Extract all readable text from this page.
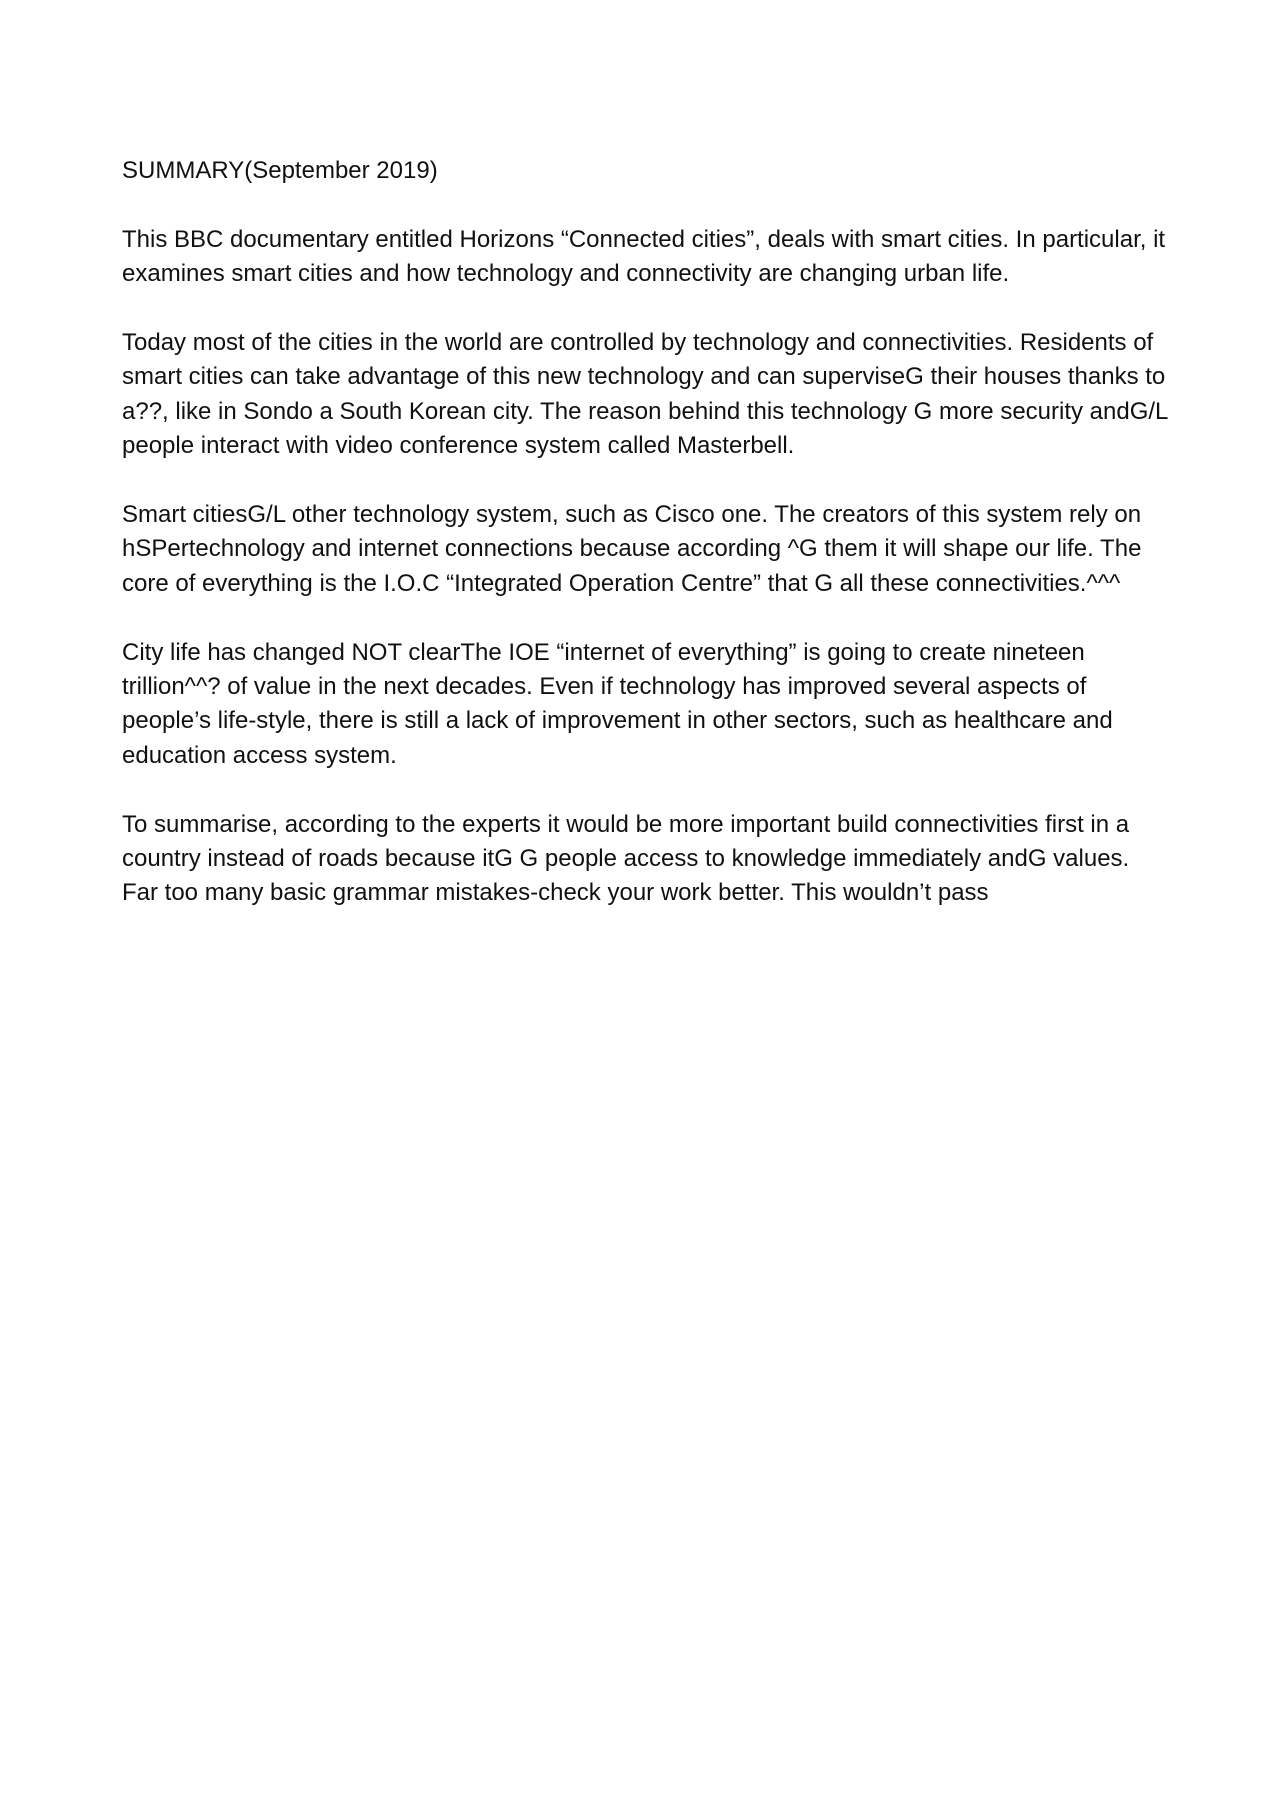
SUMMARY(September 2019)

This BBC documentary entitled Horizons “Connected cities”, deals with smart cities. In particular, it examines smart cities and how technology and connectivity are changing urban life.

Today most of the cities in the world are controlled by technology and connectivities. Residents of smart cities can take advantage of this new technology and can superviseG their houses thanks to a??, like in Sondo a South Korean city. The reason behind this technology G more security andG/L people interact with video conference system called Masterbell.

Smart citiesG/L other technology system, such as Cisco one. The creators of this system rely on hSPertechnology and internet connections because according ^G them it will shape our life. The core of everything is the I.O.C “Integrated Operation Centre” that G all these connectivities.^^^

City life has changed NOT clearThe IOE “internet of everything” is going to create nineteen trillion^^? of value in the next decades. Even if technology has improved several aspects of people’s life-style, there is still a lack of improvement in other sectors, such as healthcare and education access system.

To summarise, according to the experts it would be more important build connectivities first in a country instead of roads because itG G people access to knowledge immediately andG values.

Far too many basic grammar mistakes-check your work better. This wouldn’t pass
